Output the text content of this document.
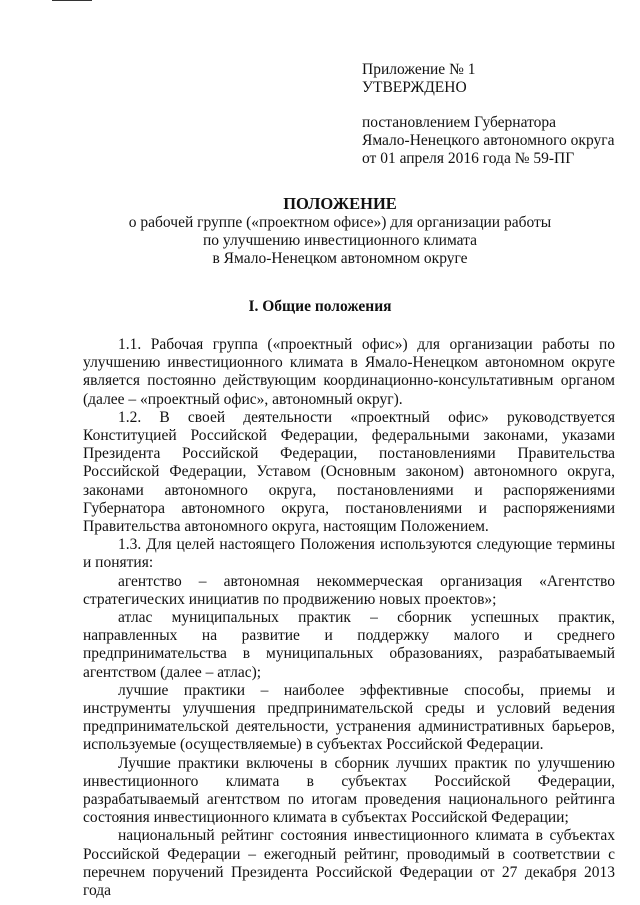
Приложение № 1
УТВЕРЖДЕНО
постановлением Губернатора
Ямало-Ненецкого автономного округа
от 01 апреля 2016 года № 59-ПГ
ПОЛОЖЕНИЕ
о рабочей группе («проектном офисе») для организации работы
по улучшению инвестиционного климата
в Ямало-Ненецком автономном округе
I. Общие положения

1.1. Рабочая группа («проектный офис») для организации работы по улучшению инвестиционного климата в Ямало-Ненецком автономном округе является постоянно действующим координационно-консультативным органом (далее – «проектный офис», автономный округ).

1.2. В своей деятельности «проектный офис» руководствуется Конституцией Российской Федерации, федеральными законами, указами Президента Российской Федерации, постановлениями Правительства Российской Федерации, Уставом (Основным законом) автономного округа, законами автономного округа, постановлениями и распоряжениями Губернатора автономного округа, постановлениями и распоряжениями Правительства автономного округа, настоящим Положением.

1.3. Для целей настоящего Положения используются следующие термины и понятия:

агентство – автономная некоммерческая организация «Агентство стратегических инициатив по продвижению новых проектов»;

атлас муниципальных практик – сборник успешных практик, направленных на развитие и поддержку малого и среднего предпринимательства в муниципальных образованиях, разрабатываемый агентством (далее – атлас);

лучшие практики – наиболее эффективные способы, приемы и инструменты улучшения предпринимательской среды и условий ведения предпринимательской деятельности, устранения административных барьеров, используемые (осуществляемые) в субъектах Российской Федерации.

Лучшие практики включены в сборник лучших практик по улучшению инвестиционного климата в субъектах Российской Федерации, разрабатываемый агентством по итогам проведения национального рейтинга состояния инвестиционного климата в субъектах Российской Федерации;

национальный рейтинг состояния инвестиционного климата в субъектах Российской Федерации – ежегодный рейтинг, проводимый в соответствии с перечнем поручений Президента Российской Федерации от 27 декабря 2013 года
